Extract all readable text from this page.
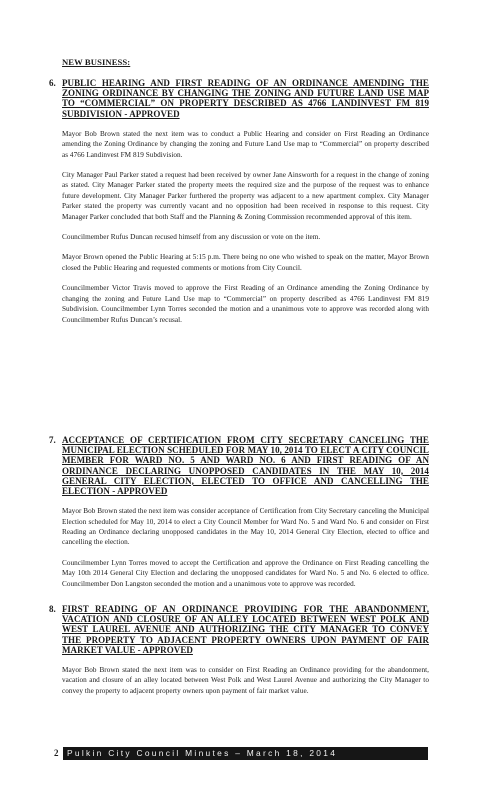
NEW BUSINESS:
6. PUBLIC HEARING AND FIRST READING OF AN ORDINANCE AMENDING THE ZONING ORDINANCE BY CHANGING THE ZONING AND FUTURE LAND USE MAP TO “COMMERCIAL” ON PROPERTY DESCRIBED AS 4766 LANDINVEST FM 819 SUBDIVISION - APPROVED
Mayor Bob Brown stated the next item was to conduct a Public Hearing and consider on First Reading an Ordinance amending the Zoning Ordinance by changing the zoning and Future Land Use map to “Commercial” on property described as 4766 Landinvest FM 819 Subdivision.
City Manager Paul Parker stated a request had been received by owner Jane Ainsworth for a request in the change of zoning as stated. City Manager Parker stated the property meets the required size and the purpose of the request was to enhance future development. City Manager Parker furthered the property was adjacent to a new apartment complex. City Manager Parker stated the property was currently vacant and no opposition had been received in response to this request. City Manager Parker concluded that both Staff and the Planning & Zoning Commission recommended approval of this item.
Councilmember Rufus Duncan recused himself from any discussion or vote on the item.
Mayor Brown opened the Public Hearing at 5:15 p.m. There being no one who wished to speak on the matter, Mayor Brown closed the Public Hearing and requested comments or motions from City Council.
Councilmember Victor Travis moved to approve the First Reading of an Ordinance amending the Zoning Ordinance by changing the zoning and Future Land Use map to “Commercial” on property described as 4766 Landinvest FM 819 Subdivision. Councilmember Lynn Torres seconded the motion and a unanimous vote to approve was recorded along with Councilmember Rufus Duncan’s recusal.
7. ACCEPTANCE OF CERTIFICATION FROM CITY SECRETARY CANCELING THE MUNICIPAL ELECTION SCHEDULED FOR MAY 10, 2014 TO ELECT A CITY COUNCIL MEMBER FOR WARD NO. 5 AND WARD NO. 6 AND FIRST READING OF AN ORDINANCE DECLARING UNOPPOSED CANDIDATES IN THE MAY 10, 2014 GENERAL CITY ELECTION, ELECTED TO OFFICE AND CANCELLING THE ELECTION - APPROVED
Mayor Bob Brown stated the next item was consider acceptance of Certification from City Secretary canceling the Municipal Election scheduled for May 10, 2014 to elect a City Council Member for Ward No. 5 and Ward No. 6 and consider on First Reading an Ordinance declaring unopposed candidates in the May 10, 2014 General City Election, elected to office and cancelling the election.
Councilmember Lynn Torres moved to accept the Certification and approve the Ordinance on First Reading cancelling the May 10th 2014 General City Election and declaring the unopposed candidates for Ward No. 5 and No. 6 elected to office. Councilmember Don Langston seconded the motion and a unanimous vote to approve was recorded.
8. FIRST READING OF AN ORDINANCE PROVIDING FOR THE ABANDONMENT, VACATION AND CLOSURE OF AN ALLEY LOCATED BETWEEN WEST POLK AND WEST LAUREL AVENUE AND AUTHORIZING THE CITY MANAGER TO CONVEY THE PROPERTY TO ADJACENT PROPERTY OWNERS UPON PAYMENT OF FAIR MARKET VALUE - APPROVED
Mayor Bob Brown stated the next item was to consider on First Reading an Ordinance providing for the abandonment, vacation and closure of an alley located between West Polk and West Laurel Avenue and authorizing the City Manager to convey the property to adjacent property owners upon payment of fair market value.
2	Pulkin City Council Minutes – March 18, 2014
